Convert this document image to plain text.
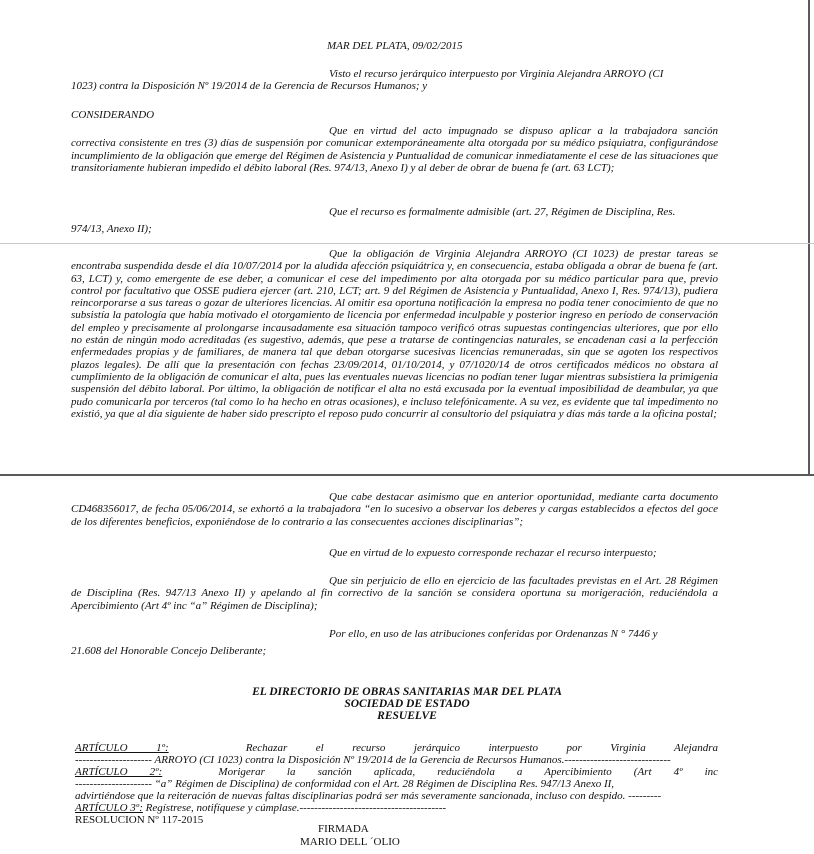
MAR DEL PLATA, 09/02/2015
Visto el recurso jerárquico interpuesto por Virginia Alejandra ARROYO (CI
1023) contra la Disposición Nº 19/2014 de la Gerencia de Recursos Humanos; y
CONSIDERANDO

Que en virtud del acto impugnado se dispuso aplicar a la trabajadora sanción correctiva consistente en tres (3) días de suspensión por comunicar extemporáneamente alta otorgada por su médico psiquiatra, configurándose incumplimiento de la obligación que emerge del Régimen de Asistencia y Puntualidad de comunicar inmediatamente el cese de las situaciones que transitoriamente hubieran impedido el débito laboral (Res. 974/13, Anexo I) y al deber de obrar de buena fe (art. 63 LCT);

Que el recurso es formalmente admisible (art. 27, Régimen de Disciplina, Res.
974/13, Anexo II);

Que la obligación de Virginia Alejandra ARROYO (CI 1023) de prestar tareas se encontraba suspendida desde el día 10/07/2014 por la aludida afección psiquiátrica y, en consecuencia, estaba obligada a obrar de buena fe (art. 63, LCT) y, como emergente de ese deber, a comunicar el cese del impedimento por alta otorgada por su médico particular para que, previo control por facultativo que OSSE pudiera ejercer (art. 210, LCT; art. 9 del Régimen de Asistencia y Puntualidad, Anexo I, Res. 974/13), pudiera reincorporarse a sus tareas o gozar de ulteriores licencias. Al omitir esa oportuna notificación la empresa no podía tener conocimiento de que no subsistía la patología que había motivado el otorgamiento de licencia por enfermedad inculpable y posterior ingreso en período de conservación del empleo y precisamente al prolongarse incausadamente esa situación tampoco verificó otras supuestas contingencias ulteriores, que por ello no están de ningún modo acreditadas (es sugestivo, además, que pese a tratarse de contingencias naturales, se encadenan casi a la perfección enfermedades propias y de familiares, de manera tal que deban otorgarse sucesivas licencias remuneradas, sin que se agoten los respectivos plazos legales). De allí que la presentación con fechas 23/09/2014, 01/10/2014, y 07/1020/14 de otros certificados médicos no obstara al cumplimiento de la obligación de comunicar el alta, pues las eventuales nuevas licencias no podían tener lugar mientras subsistiera la primigenia suspensión del débito laboral. Por último, la obligación de notificar el alta no está excusada por la eventual imposibilidad de deambular, ya que pudo comunicarla por terceros (tal como lo ha hecho en otras ocasiones), e incluso telefónicamente. A su vez, es evidente que tal impedimento no existió, ya que al día siguiente de haber sido prescripto el reposo pudo concurrir al consultorio del psiquiatra y días más tarde a la oficina postal;

Que cabe destacar asimismo que en anterior oportunidad, mediante carta documento CD468356017, de fecha 05/06/2014, se exhortó a la trabajadora “en lo sucesivo a observar los deberes y cargas establecidos a efectos del goce de los diferentes beneficios, exponiéndose de lo contrario a las consecuentes acciones disciplinarias”;

Que en virtud de lo expuesto corresponde rechazar el recurso interpuesto;

Que sin perjuicio de ello en ejercicio de las facultades previstas en el Art. 28 Régimen de Disciplina (Res. 947/13 Anexo II) y apelando al fin correctivo de la sanción se considera oportuna su morigeración, reduciéndola a Apercibimiento (Art 4º inc “a” Régimen de Disciplina);

Por ello, en uso de las atribuciones conferidas por Ordenanzas N ° 7446 y
21.608 del Honorable Concejo Deliberante;
EL DIRECTORIO DE OBRAS SANITARIAS MAR DEL PLATA
SOCIEDAD DE ESTADO
RESUELVE
ARTÍCULO 1º:	Rechazar el recurso jerárquico interpuesto por Virginia Alejandra
--------------------- ARROYO (CI 1023) contra la Disposición Nº 19/2014 de la Gerencia de Recursos Humanos.-----------------------------
ARTÍCULO 2º:	Morigerar la sanción aplicada, reduciéndola a Apercibimiento (Art 4º inc
--------------------- “a” Régimen de Disciplina) de conformidad con el Art. 28 Régimen de Disciplina Res. 947/13 Anexo II,
advirtiéndose que la reiteración de nuevas faltas disciplinarias podrá ser más severamente sancionada, incluso con despido. ---------
ARTÍCULO 3º: Regístrese, notifíquese y cúmplase.----------------------------------------
RESOLUCION Nº 117-2015
FIRMADA
MARIO DELL ´OLIO
